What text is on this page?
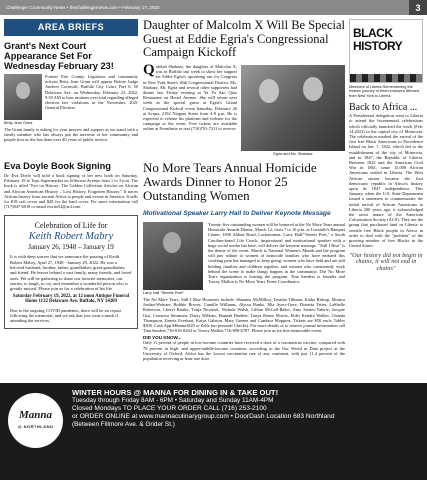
Challenger Community News • thechallengernews.com • February 17, 2022	3
AREA BRIEFS
Grant's Next Court Appearance Set For Wednesday February 23!
Betty Jean Grant
Former Erie County Legislator and community activist Betty Jean Grant will appear Before Judge Andrew Cornwall, Buffalo City Court, Part 6, 50 Delaware Ave. on Wednesday, February 23, 2022, 9:30 AM to hear motions over trial regarding alleged election law violations in the November, 2021 General Election.
The Grant family is asking for your prayers and support as we stand with a family member who has always put the interests of her community and people first as she has done over 40 years of public service.
Eva Doyle Book Signing
Dr. Eva Doyle will hold a book signing of her new book on Saturday, February 19 at Tops Supermarket on Jefferson Avenue from 1 to 3 p.m. The book is titled "Eye on History: The Golden Collection Articles on African and African American History – Lost History, Forgotten History." It traces African history from ancient Africa to people and events in America. It sells for $18 soft cover and $28 for the hard cover. For more information call (717)847-6018 or email ewrite52@aol.com
Celebration of Life for
Keith Robert Mabry
January 26, 1948 – January 19
It is with deep sorrow that we announce the passing of Keith Robert Mabry, April 27, 1948 - January 29, 2022. He was a beloved husband, brother, father, grandfather, great-grandfather, and friend. He leaves behind a vast family, many friends, and loved ones. We will be gathering to share our favorite memories, our stories, to laugh, to cry, and remember a wonderful person who is greatly missed. Please join us for a celebration of his life
Saturday February 19, 2022, at 12 noon Antique Funeral Home 1132 Delaware Ave. Buffalo, NY 14209
Due to the ongoing COVID pandemic, there will be no repast following the memorial, and we ask that you wear a mask if attending the services.
Daughter of Malcolm X Will Be Special Guest at Eddie Egria's Congressional Campaign Kickoff
Qubilah Shabazz, the daughter of Malcolm X, was in Buffalo last week to show her support for Eddie Egria's upcoming run for Congress in New York State's 26th Congressional District. Ms. Shabazz, Mr. Egria and several other supporters had dinner last Friday evening at Ya Ya Sao Qiao Restaurant on Hertel Avenue. She will return next week as the special guest at Egria's Grand Congressional Kickoff event Saturday, February 26 at Acqua, 2192 Niagara Street from 4-8 p.m. He is expected to release his platform and website for the campaign at the event. Free tickets are available online at Eventbrite or text (716)791-7211 to reserve.
Egria and Ms. Shabazz
BLACK HISTORY
Members of Liberia Remembering the historic journey of freed enslaved Africans from New York to Liberia.
Back to Africa ...
A Presidential delegation went to Liberia to attend the bicentennial celebrations which officially launched the week (Feb. 14,2022) in the capital city of Monrovia. The celebration marked the arrival of the first free Black Americans to Providence Island on Jan. 7, 1822, which led to the establishment of the city of Monrovia, and in 1847, the Republic of Liberia. Between 1822 and the American Civil War in 1861, some 15,000 African Americans settled in Liberia. The West African nation became the first democratic republic in Africa's history upon its 1847 independence. This January, when the U.S. State Department issued a statement to commemorate the initial arrival of African Americans to Liberia 200 years ago, it acknowledged the racist nature of the American Colonization Society (ACS). They are the group that purchased land in Liberia to resettle free Black people in Africa in order to deal with the "problem" of the growing number of free Blacks in the United States.
"Our history did not begin in chains, it will not end in chains"
No More Tears Annual Homicide Awards Dinner to Honor 25 Outstanding Women
Motivational Speaker Larry Hall to Deliver Keynote Message
Larry Hall "Streets Poet"
Twenty-five outstanding women will be honored at the No More Tears annual Homicide Awards Dinner, March 12, from 7 to 10 p.m. at Lucarelli's Banquet Center, 1830 Abbott Road, Lackawanna. Larry Hall/"Streets Poet," a South Carolina-based Life Coach, inspirational and motivational speaker with a huge social media fan base, will deliver the keynote message. "Still I Rise" is the theme of the event. March is National Women's Month and the program will pay tribute to women of homicide families who have endured this crushing pain but managed to keep going: women who have held and are still holding families and children together, and women who consistently work behind the scene to make things happen in the community. The No More Tears organization is hosting the program. Tina Sanders is founder and Tracey Mallon is No More Tears Event Coordinator.
The No More Tears, Still I Rise Honorees include: Shaunna McMillon, Tanisha Tillman, Kiaha Bishop, Monica Jordan-Webster, Bobbie Brown, Camille Williams, Alyssa Banks, Mia Ayers-Gore, Donetta Tetter, LaShelle Roberson, Cheryl Rattler, Tonja Newkirk, Nichole Walsh, Lillian McCall-Baker, Amy Stones-Valerie, Jacquie Gist, Contessa Simmons, Daisy Wilkins, Hannah Buehler, Tonya Renee Morris, Elder Kendra Walker, Chanda Thompson, Zeneta Everhart, Kaiya Galston, Mary Greene and Candace Moppins. Tickets are $50 each; Tables $500. Cash App $Hanna1020 or Zelle (no personal Checks). For more details or to reserve journal information call Tina Sanders 716-816-8264 or Tracey Mallon 716-698-6787. Please join us for this memorable event.
DID YOU KNOW...
Only 11 percent of people in low-income countries have received a dose of a coronavirus vaccine, compared with 78 percent in high- and upper-middle-income countries, according to the Our World in Data project at the University of Oxford. Africa has the lowest vaccination rate of any continent, with just 11.4 percent of the population receiving at least one dose.
Manna
@ NORTHLAND
WINTER HOURS @ MANNA FOR DINING IN & TAKE OUT!
Tuesday through Friday 8AM - 6PM • Saturday and Sunday 11AM-4PM
Closed Mondays TO PLACE YOUR ORDER CALL (716) 253-2100
or ORDER ONLINE at www.mannaculinarygroup.com • DoorDash Location 683 Northland
(Between Fillmore Ave. & Grider St.)
